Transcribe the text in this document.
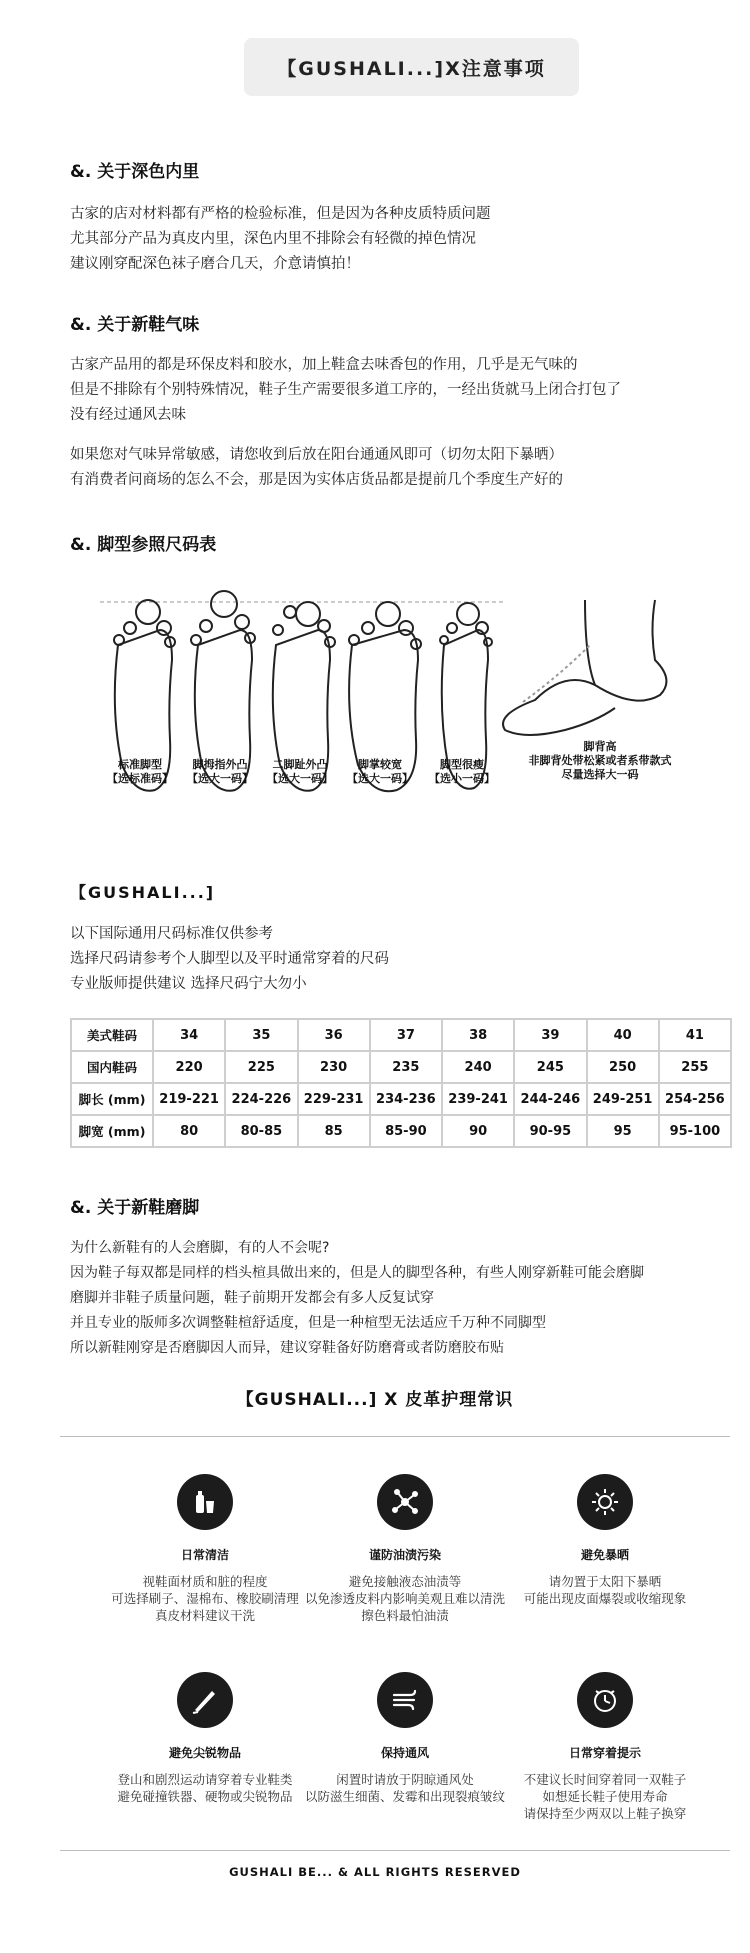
【GUSHALI...]X注意事项
&. 关于深色内里
古家的店对材料都有严格的检验标准，但是因为各种皮质特质问题
尤其部分产品为真皮内里，深色内里不排除会有轻微的掉色情况
建议刚穿配深色袜子磨合几天，介意请慎拍！
&. 关于新鞋气味
古家产品用的都是环保皮料和胶水，加上鞋盒去味香包的作用，几乎是无气味的
但是不排除有个别特殊情况，鞋子生产需要很多道工序的，一经出货就马上闭合打包了
没有经过通风去味
如果您对气味异常敏感，请您收到后放在阳台通通风即可（切勿太阳下暴晒）
有消费者问商场的怎么不会，那是因为实体店货品都是提前几个季度生产好的
&. 脚型参照尺码表
标准脚型
【选标准码】
脚拇指外凸
【选大一码】
二脚趾外凸
【选大一码】
脚掌较宽
【选大一码】
脚型很瘦
【选小一码】
脚背高
非脚背处带松紧或者系带款式
尽量选择大一码
【GUSHALI...]
以下国际通用尺码标准仅供参考
选择尺码请参考个人脚型以及平时通常穿着的尺码
专业版师提供建议 选择尺码宁大勿小
美式鞋码	34	35	36	37	38	39	40	41
国内鞋码	220	225	230	235	240	245	250	255
脚长 (mm)	219-221	224-226	229-231	234-236	239-241	244-246	249-251	254-256
脚宽 (mm)	80	80-85	85	85-90	90	90-95	95	95-100
&. 关于新鞋磨脚
为什么新鞋有的人会磨脚，有的人不会呢?
因为鞋子每双都是同样的档头楦具做出来的，但是人的脚型各种，有些人刚穿新鞋可能会磨脚
磨脚并非鞋子质量问题，鞋子前期开发都会有多人反复试穿
并且专业的版师多次调整鞋楦舒适度，但是一种楦型无法适应千万种不同脚型
所以新鞋刚穿是否磨脚因人而异，建议穿鞋备好防磨膏或者防磨胶布贴
【GUSHALI...] X 皮革护理常识
日常清洁
视鞋面材质和脏的程度
可选择刷子、湿棉布、橡胶刷清理
真皮材料建议干洗
谨防油渍污染
避免接触液态油渍等
以免渗透皮料内影响美观且难以清洗
擦色料最怕油渍
避免暴晒
请勿置于太阳下暴晒
可能出现皮面爆裂或收缩现象
避免尖锐物品
登山和剧烈运动请穿着专业鞋类
避免碰撞铁器、硬物或尖锐物品
保持通风
闲置时请放于阴晾通风处
以防滋生细菌、发霉和出现裂痕皱纹
日常穿着提示
不建议长时间穿着同一双鞋子
如想延长鞋子使用寿命
请保持至少两双以上鞋子换穿
GUSHALI BE... & ALL RIGHTS RESERVED
